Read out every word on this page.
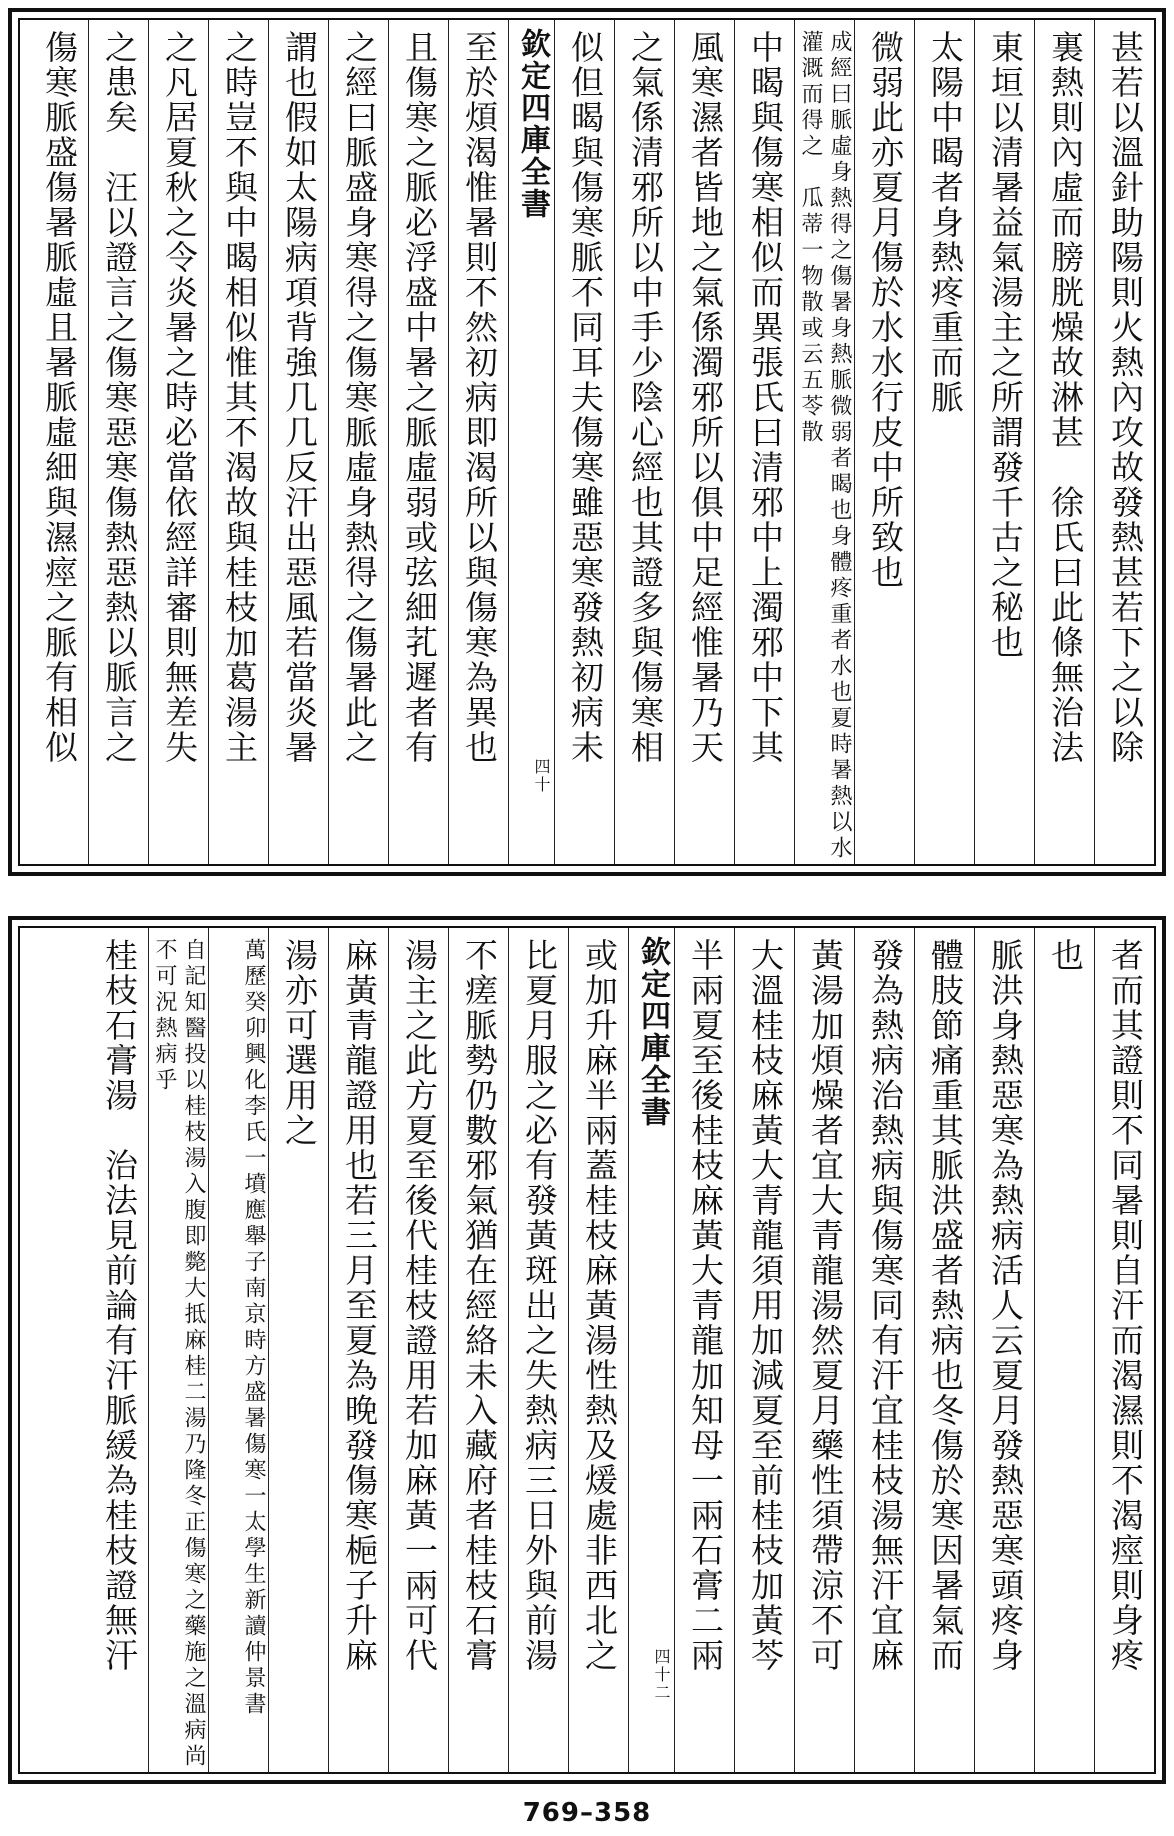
甚若以溫針助陽則火熱內攻故發熱甚若下之以除
裏熱則內虛而膀胱燥故淋甚　徐氏曰此條無治法
東垣以清暑益氣湯主之所謂發千古之秘也
太陽中暍者身熱疼重而脈
微弱此亦夏月傷於水水行皮中所致也
成經曰脈虛身熱得之傷暑身熱脈微弱者暍也身體疼重者水也夏時暑熱以水灌溉而得之　瓜蒂一物散或云五苓散
中暍與傷寒相似而異張氏曰清邪中上濁邪中下其
風寒濕者皆地之氣係濁邪所以俱中足經惟暑乃天
之氣係清邪所以中手少陰心經也其證多與傷寒相
似但暍與傷寒脈不同耳夫傷寒雖惡寒發熱初病未
欽定四庫全書
四十
至於煩渴惟暑則不然初病即渴所以與傷寒為異也
且傷寒之脈必浮盛中暑之脈虛弱或弦細芤遲者有
之經曰脈盛身寒得之傷寒脈虛身熱得之傷暑此之
謂也假如太陽病項背強几几反汗出惡風若當炎暑
之時豈不與中暍相似惟其不渴故與桂枝加葛湯主
之凡居夏秋之令炎暑之時必當依經詳審則無差失
之患矣　汪以證言之傷寒惡寒傷熱惡熱以脈言之
傷寒脈盛傷暑脈虛且暑脈虛細與濕痙之脈有相似
者而其證則不同暑則自汗而渴濕則不渴痙則身疼
也
脈洪身熱惡寒為熱病活人云夏月發熱惡寒頭疼身
體肢節痛重其脈洪盛者熱病也冬傷於寒因暑氣而
發為熱病治熱病與傷寒同有汗宜桂枝湯無汗宜麻
黃湯加煩燥者宜大青龍湯然夏月藥性須帶涼不可
大溫桂枝麻黃大青龍須用加減夏至前桂枝加黃芩
半兩夏至後桂枝麻黃大青龍加知母一兩石膏二兩
欽定四庫全書
四十二
或加升麻半兩蓋桂枝麻黃湯性熱及煖處非西北之
比夏月服之必有發黃斑出之失熱病三日外與前湯
不瘥脈勢仍數邪氣猶在經絡未入藏府者桂枝石膏
湯主之此方夏至後代桂枝證用若加麻黃一兩可代
麻黃青龍證用也若三月至夏為晚發傷寒梔子升麻
湯亦可選用之
萬歷癸卯興化李氏一墳應舉子南京時方盛暑傷寒一太學生新讀仲景書
自記知醫投以桂枝湯入腹即斃大抵麻桂二湯乃隆冬正傷寒之藥施之溫病尚不可況熱病乎
桂枝石膏湯　治法見前論有汗脈緩為桂枝證無汗
769–358
